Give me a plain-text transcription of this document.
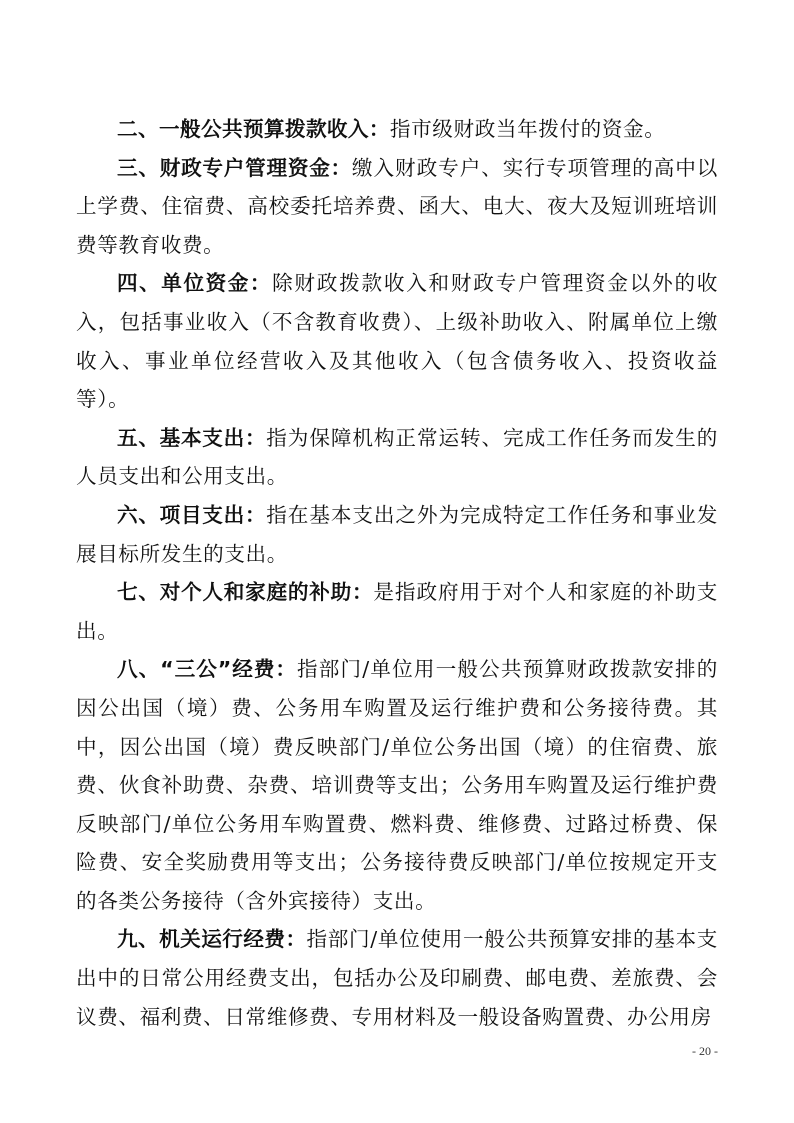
二、一般公共预算拨款收入：指市级财政当年拨付的资金。

三、财政专户管理资金：缴入财政专户、实行专项管理的高中以上学费、住宿费、高校委托培养费、函大、电大、夜大及短训班培训费等教育收费。

四、单位资金：除财政拨款收入和财政专户管理资金以外的收入，包括事业收入（不含教育收费）、上级补助收入、附属单位上缴收入、事业单位经营收入及其他收入（包含债务收入、投资收益等）。

五、基本支出：指为保障机构正常运转、完成工作任务而发生的人员支出和公用支出。

六、项目支出：指在基本支出之外为完成特定工作任务和事业发展目标所发生的支出。

七、对个人和家庭的补助：是指政府用于对个人和家庭的补助支出。

八、“三公”经费：指部门/单位用一般公共预算财政拨款安排的因公出国（境）费、公务用车购置及运行维护费和公务接待费。其中，因公出国（境）费反映部门/单位公务出国（境）的住宿费、旅费、伙食补助费、杂费、培训费等支出；公务用车购置及运行维护费反映部门/单位公务用车购置费、燃料费、维修费、过路过桥费、保险费、安全奖励费用等支出；公务接待费反映部门/单位按规定开支的各类公务接待（含外宾接待）支出。

九、机关运行经费：指部门/单位使用一般公共预算安排的基本支出中的日常公用经费支出，包括办公及印刷费、邮电费、差旅费、会议费、福利费、日常维修费、专用材料及一般设备购置费、办公用房

- 20 -
